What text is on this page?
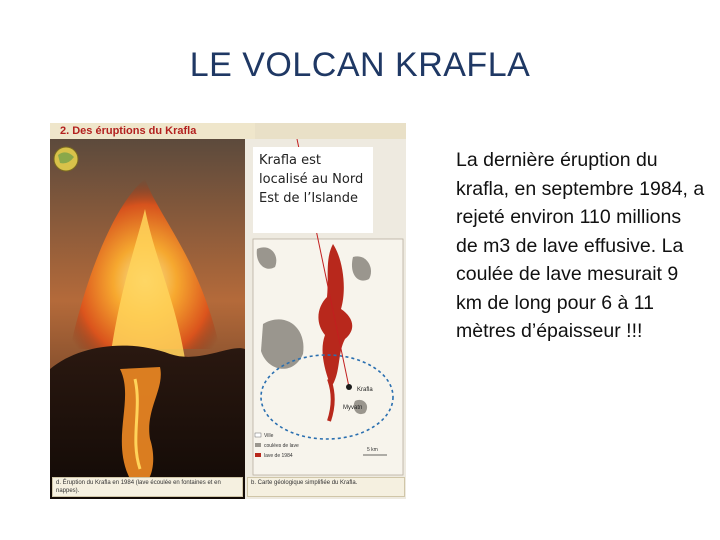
LE VOLCAN KRAFLA
2. Des éruptions du Krafla
Krafla
Myvatn
Ville
coulées de lave
lave de 1984
5 km
d. Éruption du Krafla en 1984 (lave écoulée en fontaines et en nappes).
b. Carte géologique simplifiée du Krafla.
Krafla est localisé au Nord Est de l’Islande
La dernière éruption du krafla, en septembre 1984, a rejeté environ 110 millions de m3 de lave effusive. La coulée de lave mesurait 9 km de long pour 6 à 11 mètres d’épaisseur !!!
